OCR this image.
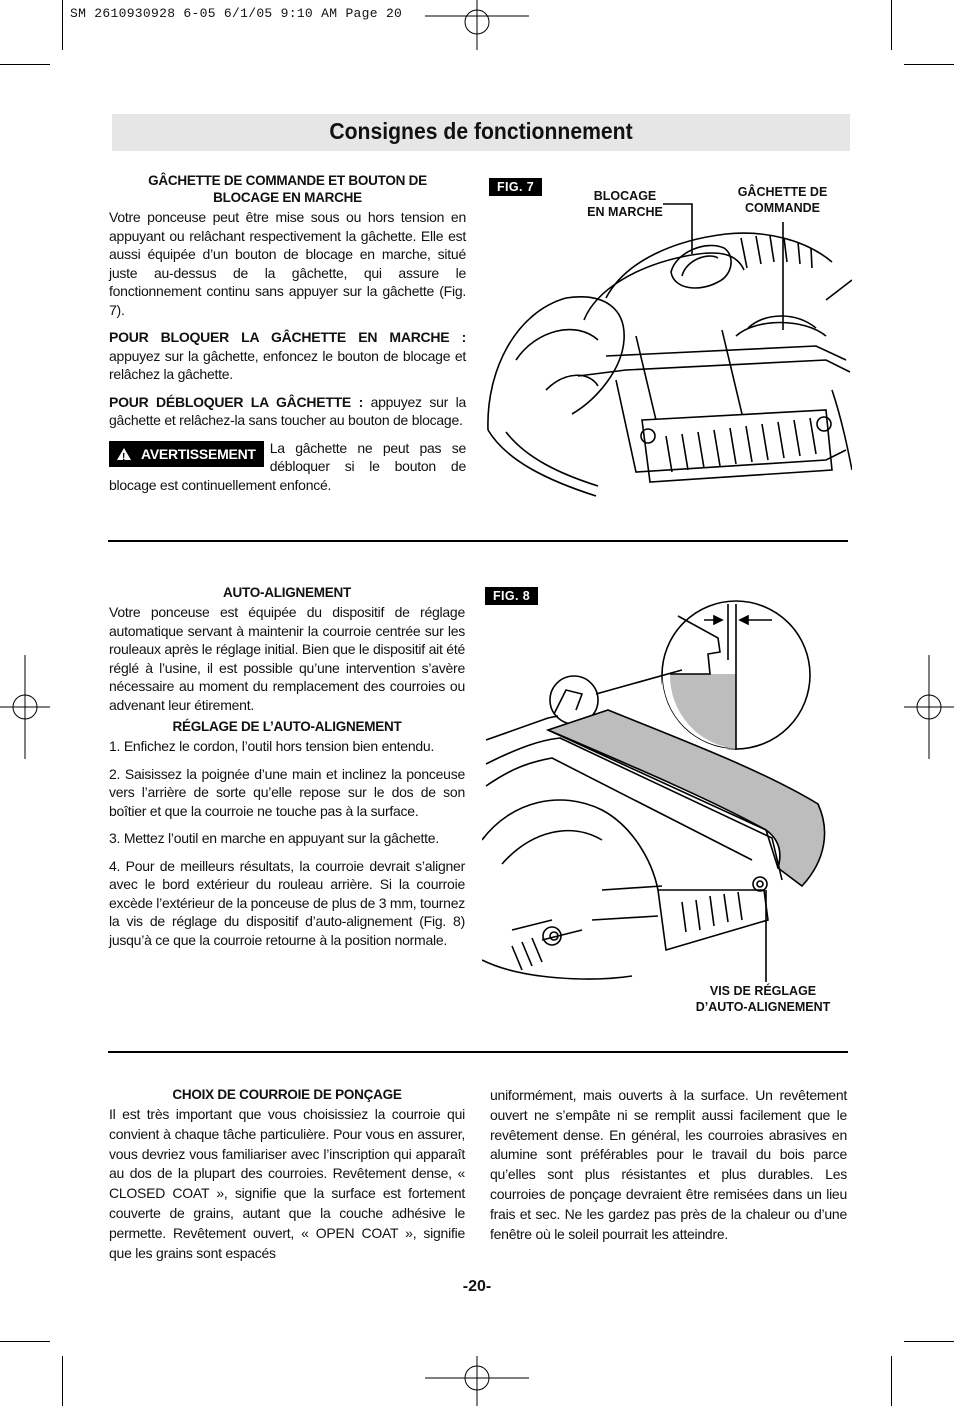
SM 2610930928 6-05 6/1/05 9:10 AM Page 20
Consignes de fonctionnement
GÂCHETTE DE COMMANDE ET BOUTON DE
BLOCAGE EN MARCHE

Votre ponceuse peut être mise sous ou hors tension en appuyant ou relâchant respectivement la gâchette. Elle est aussi équipée d’un bouton de blocage en marche, situé juste au-dessus de la gâchette, qui assure le fonctionnement continu sans appuyer sur la gâchette (Fig. 7).

POUR BLOQUER LA GÂCHETTE EN MARCHE : appuyez sur la gâchette, enfoncez le bouton de blocage et relâchez la gâchette.

POUR DÉBLOQUER LA GÂCHETTE : appuyez sur la gâchette et relâchez-la sans toucher au bouton de blocage.

! AVERTISSEMENT	La gâchette ne peut pas se débloquer si le bouton de blocage est continuellement enfoncé.

FIG. 7
BLOCAGE
EN MARCHE
GÂCHETTE DE
COMMANDE
AUTO-ALIGNEMENT

Votre ponceuse est équipée du dispositif de réglage automatique servant à maintenir la courroie centrée sur les rouleaux après le réglage initial. Bien que le dispositif ait été réglé à l’usine, il est possible qu’une intervention s’avère nécessaire au moment du remplacement des courroies ou advenant leur étirement.

RÉGLAGE DE L’AUTO-ALIGNEMENT

1. Enfichez le cordon, l’outil hors tension bien entendu.

2. Saisissez la poignée d’une main et inclinez la ponceuse vers l’arrière de sorte qu’elle repose sur le dos de son boîtier et que la courroie ne touche pas à la surface.

3. Mettez l’outil en marche en appuyant sur la gâchette.

4. Pour de meilleurs résultats, la courroie devrait s’aligner avec le bord extérieur du rouleau arrière. Si la courroie excède l’extérieur de la ponceuse de plus de 3 mm, tournez la vis de réglage du dispositif d’auto-alignement (Fig. 8) jusqu’à ce que la courroie retourne à la position normale.

FIG. 8
VIS DE RÉGLAGE
D’AUTO-ALIGNEMENT
CHOIX DE COURROIE DE PONÇAGE

Il est très important que vous choisissiez la courroie qui convient à chaque tâche particulière. Pour vous en assurer, vous devriez vous familiariser avec l’inscription qui apparaît au dos de la plupart des courroies. Revêtement dense, « CLOSED COAT », signifie que la surface est fortement couverte de grains, autant que la couche adhésive le permette. Revêtement ouvert, « OPEN COAT », signifie que les grains sont espacés

uniformément, mais ouverts à la surface. Un revêtement ouvert ne s’empâte ni se remplit aussi facilement que le revêtement dense. En général, les courroies abrasives en alumine sont préférables pour le travail du bois parce qu’elles sont plus résistantes et plus durables. Les courroies de ponçage devraient être remisées dans un lieu frais et sec. Ne les gardez pas près de la chaleur ou d’une fenêtre où le soleil pourrait les atteindre.

-20-
